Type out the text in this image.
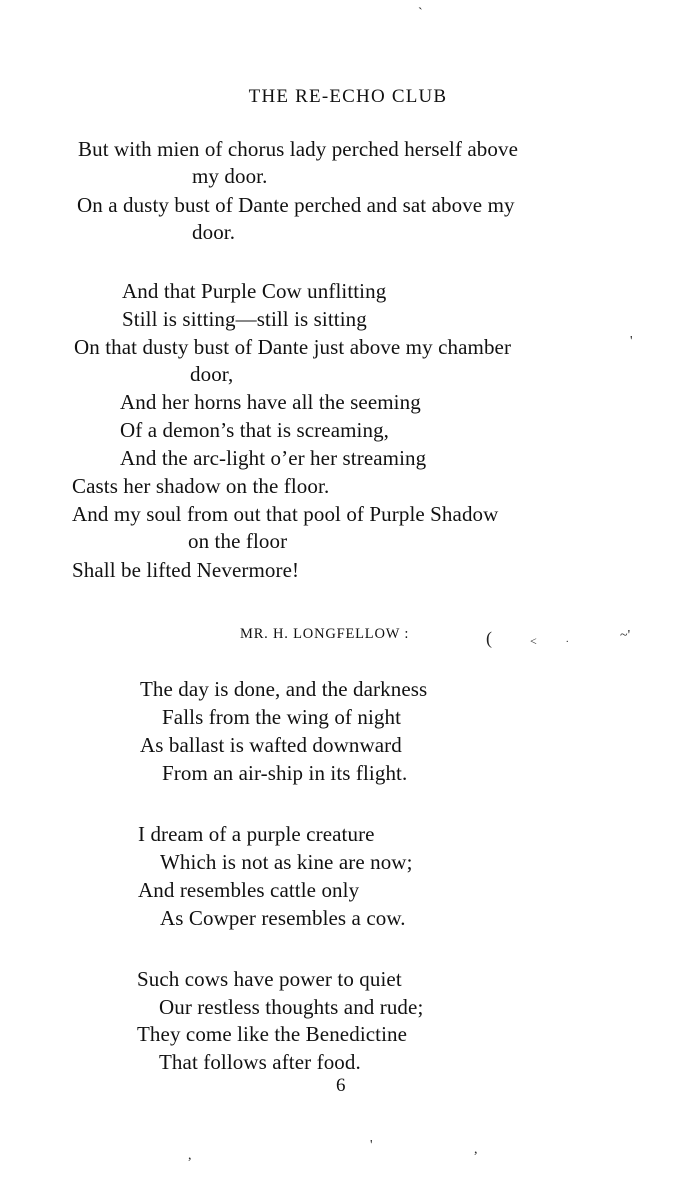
`
'
(	<	.	~'
,
'	,
THE RE-ECHO CLUB
But with mien of chorus lady perched herself above
my door.
On a dusty bust of Dante perched and sat above my
door.
And that Purple Cow unflitting
Still is sitting—still is sitting
On that dusty bust of Dante just above my chamber
door,
And her horns have all the seeming
Of a demon’s that is screaming,
And the arc-light o’er her streaming
Casts her shadow on the floor.
And my soul from out that pool of Purple Shadow
on the floor
Shall be lifted Nevermore!
MR. H. LONGFELLOW :
The day is done, and the darkness
Falls from the wing of night
As ballast is wafted downward
From an air-ship in its flight.
I dream of a purple creature
Which is not as kine are now;
And resembles cattle only
As Cowper resembles a cow.
Such cows have power to quiet
Our restless thoughts and rude;
They come like the Benedictine
That follows after food.
6
